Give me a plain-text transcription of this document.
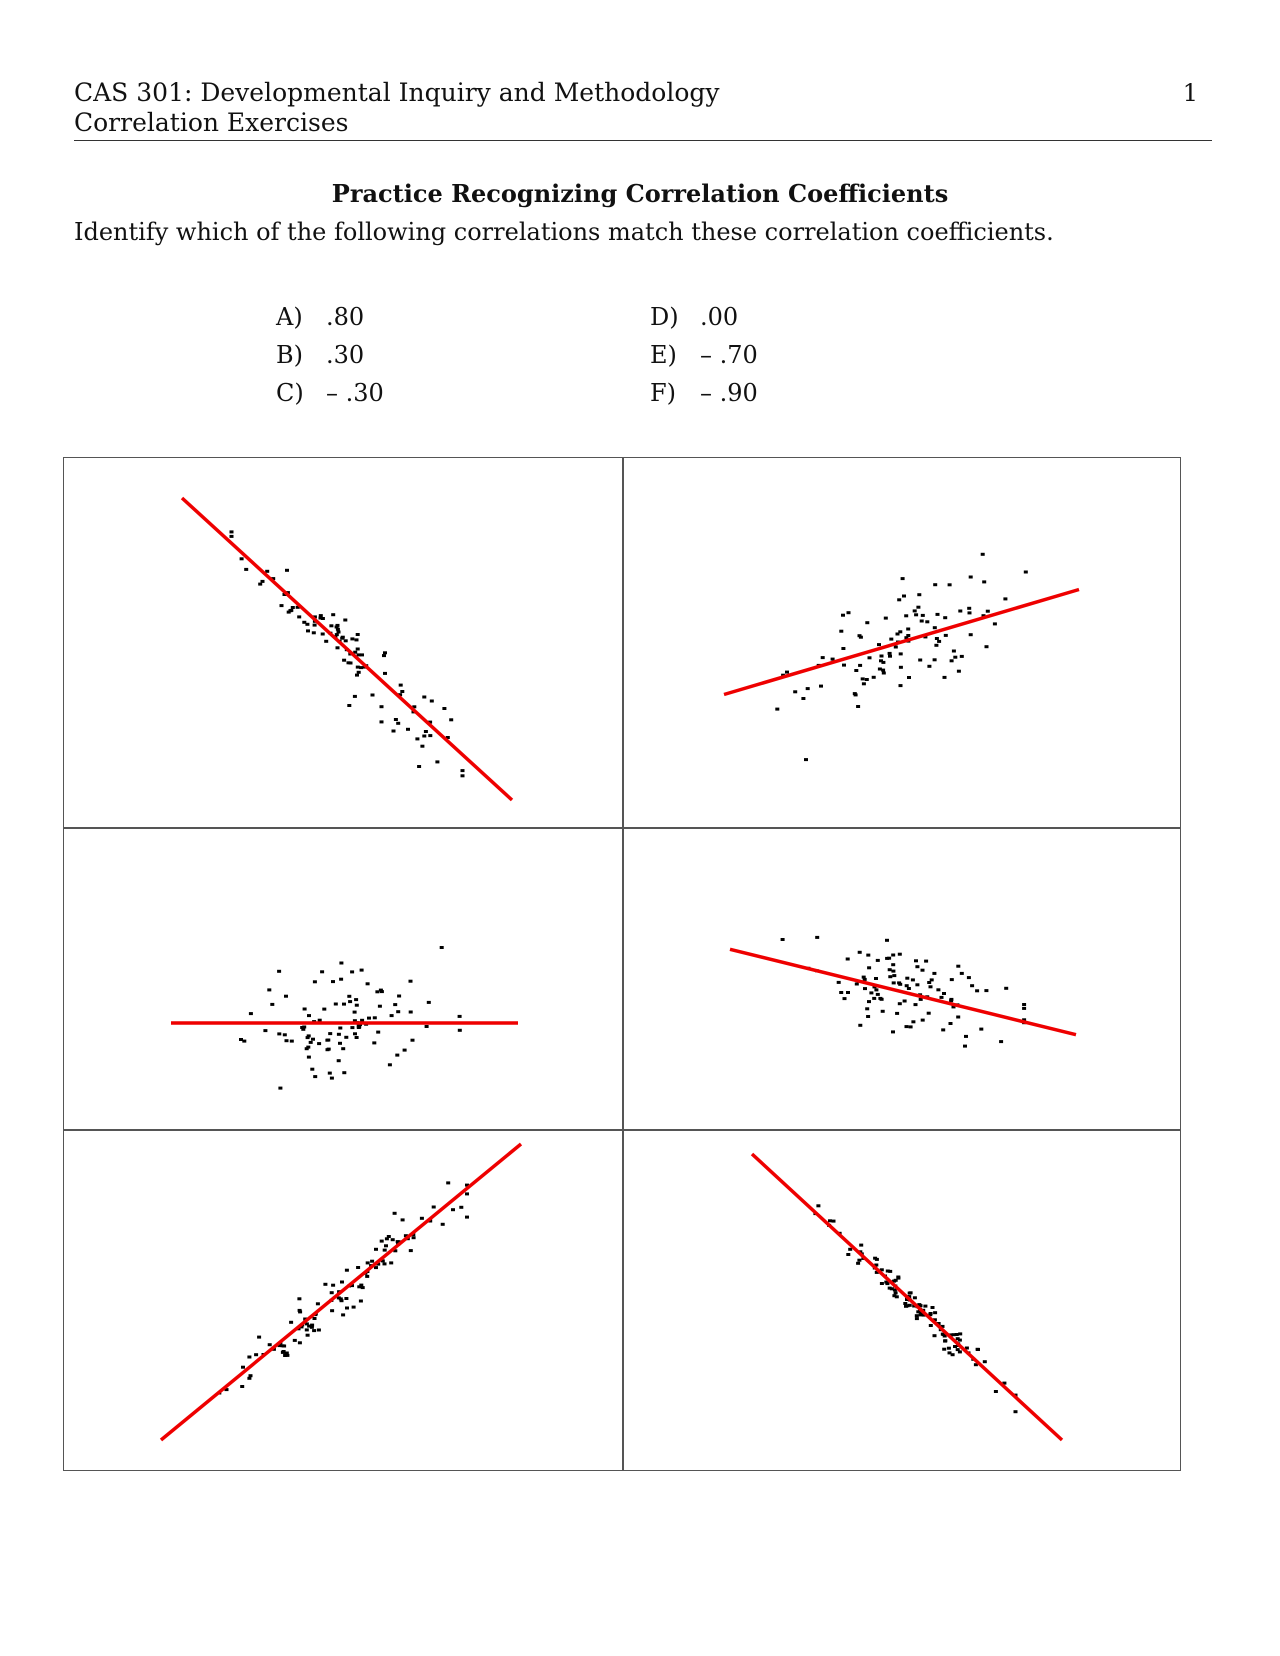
CAS 301: Developmental Inquiry and Methodology
Correlation Exercises
1
Practice Recognizing Correlation Coefficients
Identify which of the following correlations match these correlation coefficients.
A) .80
B) .30
C) – .30
D) .00
E) – .70
F) – .90
